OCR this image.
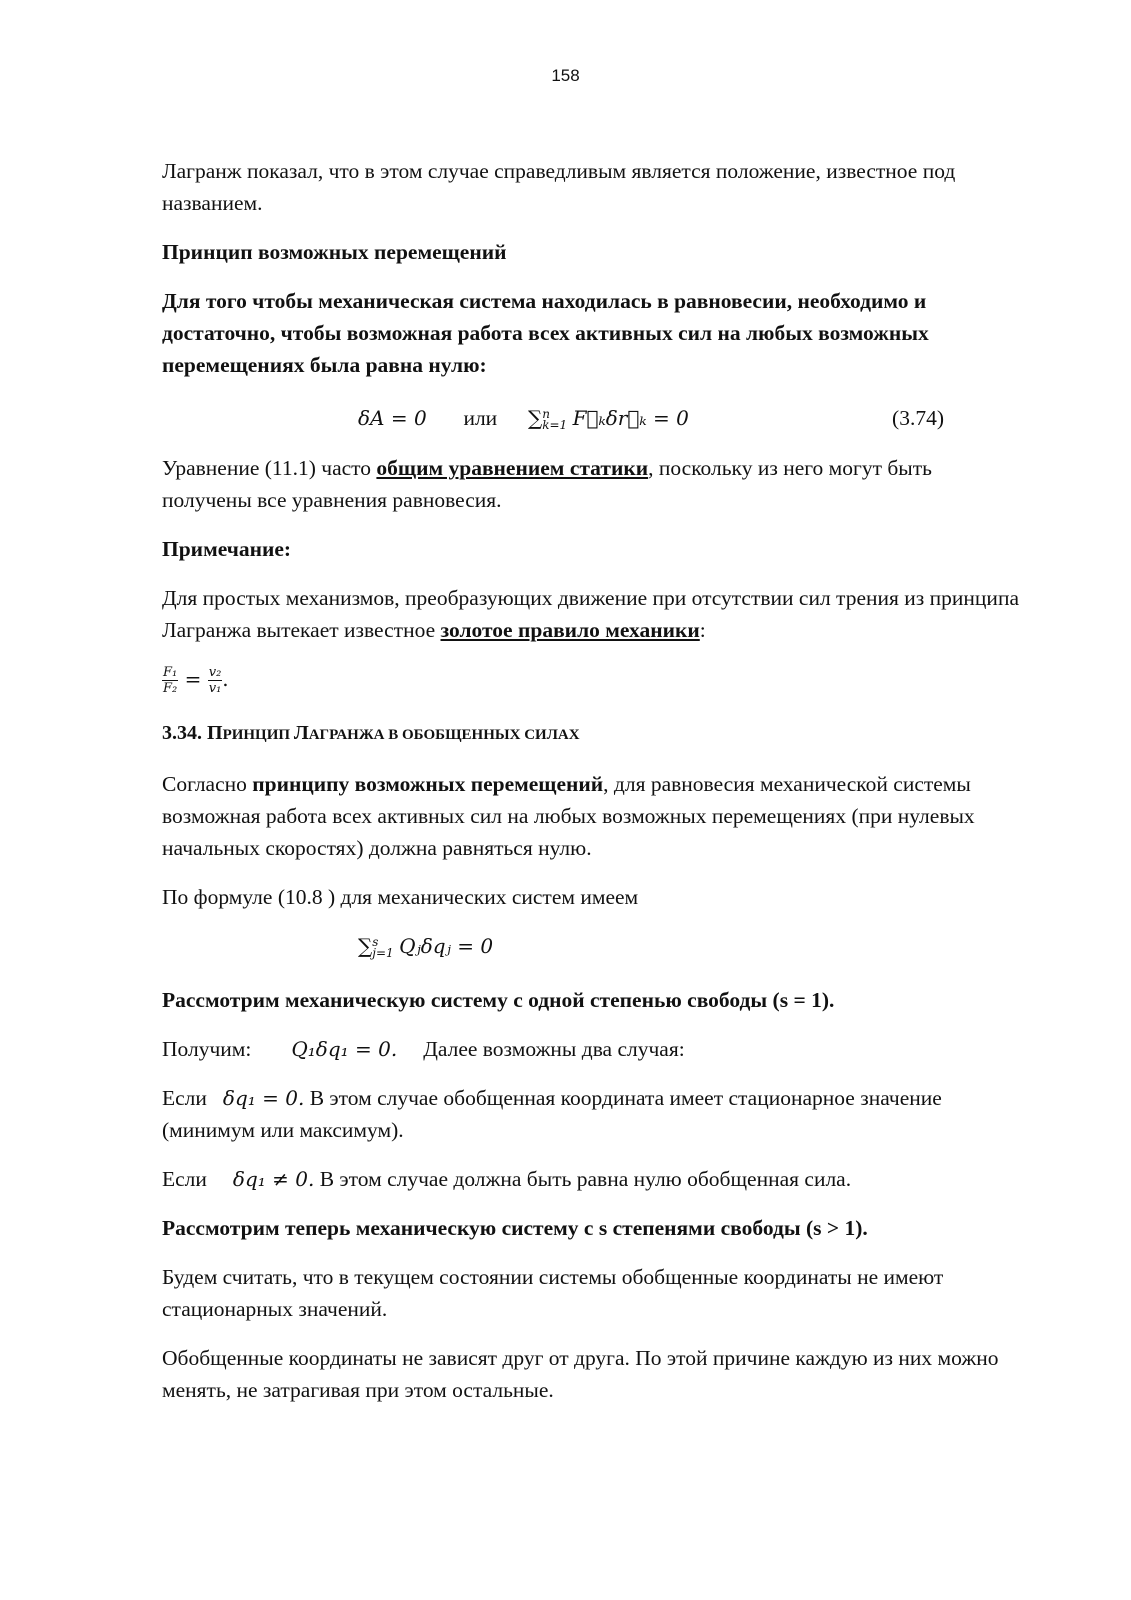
158

Лагранж показал, что в этом случае справедливым является положение, известное под названием.

Принцип возможных перемещений

Для того чтобы механическая система находилась в равновесии, необходимо и достаточно, чтобы возможная работа всех активных сил на любых возможных перемещениях была равна нулю:

δA = 0 или ∑ n
k=1 F⃗ₖδr⃗ₖ = 0	(3.74)

Уравнение (11.1) часто общим уравнением статики, поскольку из него могут быть получены все уравнения равновесия.

Примечание:

Для простых механизмов, преобразующих движение при отсутствии сил трения из принципа Лагранжа вытекает известное золотое правило механики:

$\frac{\text{F₁}}{\text{F₂}} = \frac{\text{v₂}}{\text{v₁}}$ .
3.34. ПРИНЦИП ЛАГРАНЖА В ОБОБЩЕННЫХ СИЛАХ

Согласно принципу возможных перемещений, для равновесия механической системы возможная работа всех активных сил на любых возможных перемещениях (при нулевых начальных скоростях) должна равняться нулю.

По формуле (10.8 ) для механических систем имеем

∑ s
j=1 Qⱼδqⱼ = 0

Рассмотрим механическую систему с одной степенью свободы (s = 1).

Получим: Q₁δq₁ = 0. Далее возможны два случая:

Если δq₁ = 0. В этом случае обобщенная координата имеет стационарное значение (минимум или максимум).

Если δq₁ ≠ 0. В этом случае должна быть равна нулю обобщенная сила.

Рассмотрим теперь механическую систему с s степенями свободы (s > 1).

Будем считать, что в текущем состоянии системы обобщенные координаты не имеют стационарных значений.

Обобщенные координаты не зависят друг от друга. По этой причине каждую из них можно менять, не затрагивая при этом остальные.
